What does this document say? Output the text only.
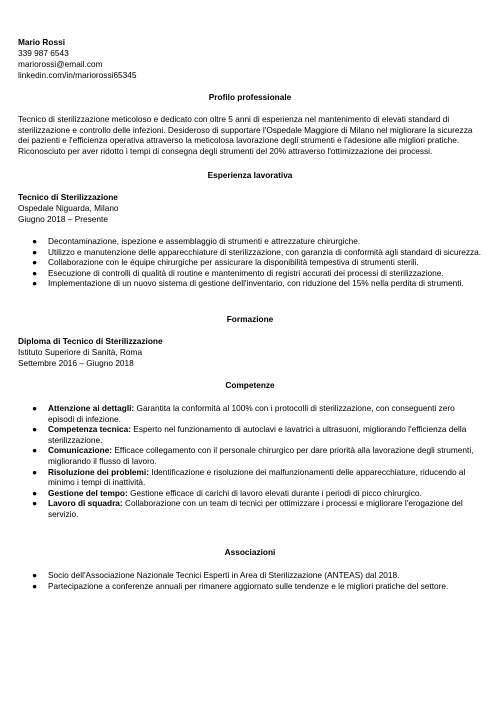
Mario Rossi
339 987 6543
mariorossi@email.com
linkedin.com/in/mariorossi65345
Profilo professionale
Tecnico di sterilizzazione meticoloso e dedicato con oltre 5 anni di esperienza nel mantenimento di elevati standard di sterilizzazione e controllo delle infezioni. Desideroso di supportare l'Ospedale Maggiore di Milano nel migliorare la sicurezza dei pazienti e l'efficienza operativa attraverso la meticolosa lavorazione degli strumenti e l'adesione alle migliori pratiche. Riconosciuto per aver ridotto i tempi di consegna degli strumenti del 20% attraverso l'ottimizzazione dei processi.
Esperienza lavorativa
Tecnico di Sterilizzazione
Ospedale Niguarda, Milano
Giugno 2018 – Presente
● Decontaminazione, ispezione e assemblaggio di strumenti e attrezzature chirurgiche.
● Utilizzo e manutenzione delle apparecchiature di sterilizzazione, con garanzia di conformità agli standard di sicurezza.
● Collaborazione con le équipe chirurgiche per assicurare la disponibilità tempestiva di strumenti sterili.
● Esecuzione di controlli di qualità di routine e mantenimento di registri accurati dei processi di sterilizzazione.
● Implementazione di un nuovo sistema di gestione dell'inventario, con riduzione del 15% nella perdita di strumenti.
Formazione
Diploma di Tecnico di Sterilizzazione
Istituto Superiore di Sanità, Roma
Settembre 2016 – Giugno 2018
Competenze
● Attenzione ai dettagli: Garantita la conformità al 100% con i protocolli di sterilizzazione, con conseguenti zero episodi di infezione.
● Competenza tecnica: Esperto nel funzionamento di autoclavi e lavatrici a ultrasuoni, migliorando l'efficienza della sterilizzazione.
● Comunicazione: Efficace collegamento con il personale chirurgico per dare priorità alla lavorazione degli strumenti, migliorando il flusso di lavoro.
● Risoluzione dei problemi: Identificazione e risoluzione dei malfunzionamenti delle apparecchiature, riducendo al minimo i tempi di inattività.
● Gestione del tempo: Gestione efficace di carichi di lavoro elevati durante i periodi di picco chirurgico.
● Lavoro di squadra: Collaborazione con un team di tecnici per ottimizzare i processi e migliorare l'erogazione del servizio.
Associazioni
● Socio dell'Associazione Nazionale Tecnici Esperti in Area di Sterilizzazione (ANTEAS) dal 2018.
● Partecipazione a conferenze annuali per rimanere aggiornato sulle tendenze e le migliori pratiche del settore.
